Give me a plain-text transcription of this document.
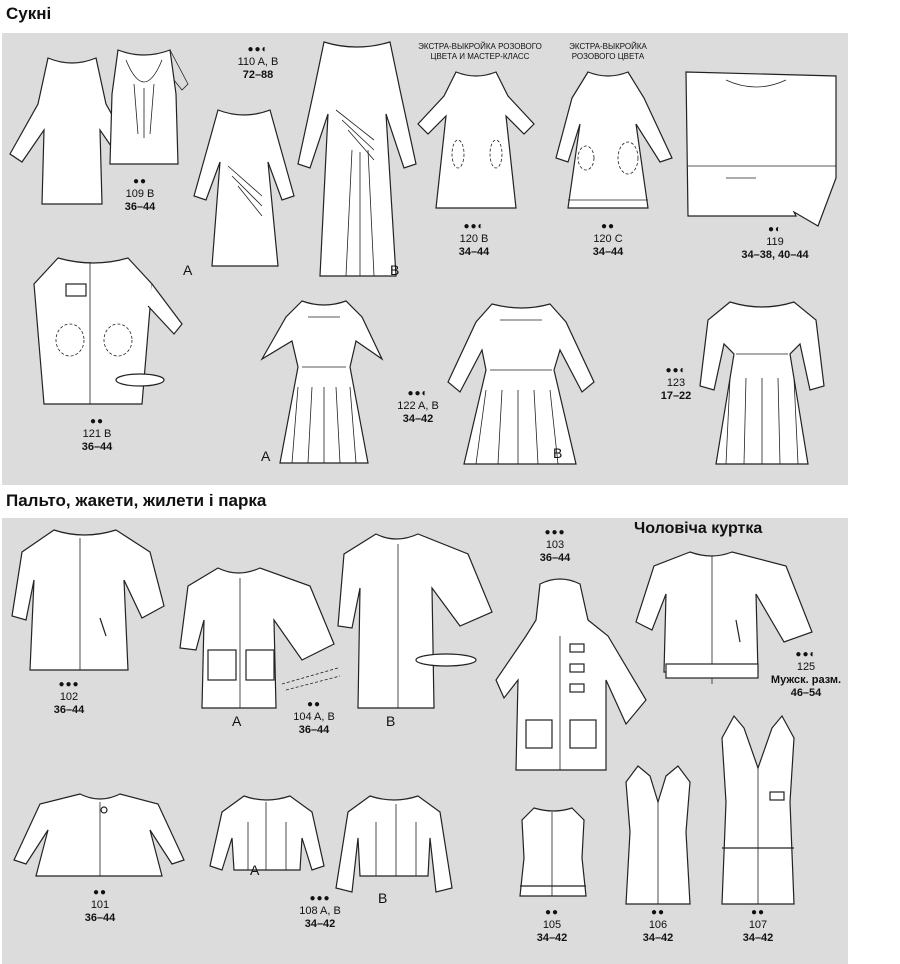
Сукні
●●
109 B
36–44
A	B
●●◐
110 A, B
72–88
ЭКСТРА-ВЫКРОЙКА РОЗОВОГО
ЦВЕТА И МАСТЕР-КЛАСС
●●◐
120 B
34–44
ЭКСТРА-ВЫКРОЙКА
РОЗОВОГО ЦВЕТА
●●
120 C
34–44
●◐
119
34–38, 40–44
●●
121 B
36–44
A
●●◐
122 A, B
34–42
B
●●◐
123
17–22
Пальто, жакети, жилети і парка
Чоловіча куртка
●●●
102
36–44
A
●●
104 A, B
36–44
B
●●●
103
36–44
●●◐
125
Мужск. разм.
46–54
●●
101
36–44
A
●●●
108 A, B
34–42
B
●●
105
34–42
●●
106
34–42
●●
107
34–42
